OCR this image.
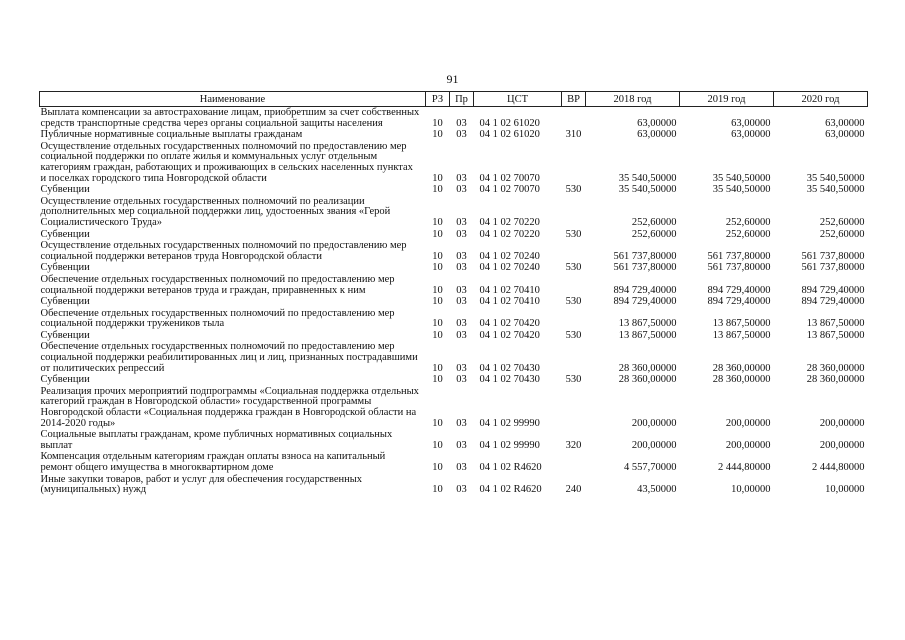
91
Наименование	РЗ	Пр	ЦСТ	ВР	2018 год	2019 год	2020 год
Выплата компенсации за автострахование лицам, приобретшим за счет собственных средств транспортные средства через органы социальной защиты населения	10	03	04 1 02 61020		63,00000	63,00000	63,00000
Публичные нормативные социальные выплаты гражданам	10	03	04 1 02 61020	310	63,00000	63,00000	63,00000
Осуществление отдельных государственных полномочий по предоставлению мер социальной поддержки по оплате жилья и коммунальных услуг отдельным категориям граждан, работающих и проживающих в сельских населенных пунктах и поселках городского типа Новгородской области	10	03	04 1 02 70070		35 540,50000	35 540,50000	35 540,50000
Субвенции	10	03	04 1 02 70070	530	35 540,50000	35 540,50000	35 540,50000
Осуществление отдельных государственных полномочий по реализации дополнительных мер социальной поддержки лиц, удостоенных звания «Герой Социалистического Труда»	10	03	04 1 02 70220		252,60000	252,60000	252,60000
Субвенции	10	03	04 1 02 70220	530	252,60000	252,60000	252,60000
Осуществление отдельных государственных полномочий по предоставлению мер социальной поддержки ветеранов труда Новгородской области	10	03	04 1 02 70240		561 737,80000	561 737,80000	561 737,80000
Субвенции	10	03	04 1 02 70240	530	561 737,80000	561 737,80000	561 737,80000
Обеспечение отдельных государственных полномочий по предоставлению мер социальной поддержки ветеранов труда и граждан, приравненных к ним	10	03	04 1 02 70410		894 729,40000	894 729,40000	894 729,40000
Субвенции	10	03	04 1 02 70410	530	894 729,40000	894 729,40000	894 729,40000
Обеспечение отдельных государственных полномочий по предоставлению мер социальной поддержки тружеников тыла	10	03	04 1 02 70420		13 867,50000	13 867,50000	13 867,50000
Субвенции	10	03	04 1 02 70420	530	13 867,50000	13 867,50000	13 867,50000
Обеспечение отдельных государственных полномочий по предоставлению мер социальной поддержки реабилитированных лиц и лиц, признанных пострадавшими от политических репрессий	10	03	04 1 02 70430		28 360,00000	28 360,00000	28 360,00000
Субвенции	10	03	04 1 02 70430	530	28 360,00000	28 360,00000	28 360,00000
Реализация прочих мероприятий подпрограммы «Социальная поддержка отдельных категорий граждан в Новгородской области» государственной программы Новгородской области «Социальная поддержка граждан в Новгородской области на 2014-2020 годы»	10	03	04 1 02 99990		200,00000	200,00000	200,00000
Социальные выплаты гражданам, кроме публичных нормативных социальных выплат	10	03	04 1 02 99990	320	200,00000	200,00000	200,00000
Компенсация отдельным категориям граждан оплаты взноса на капитальный ремонт общего имущества в многоквартирном доме	10	03	04 1 02 R4620		4 557,70000	2 444,80000	2 444,80000
Иные закупки товаров, работ и услуг для обеспечения государственных (муниципальных) нужд	10	03	04 1 02 R4620	240	43,50000	10,00000	10,00000
